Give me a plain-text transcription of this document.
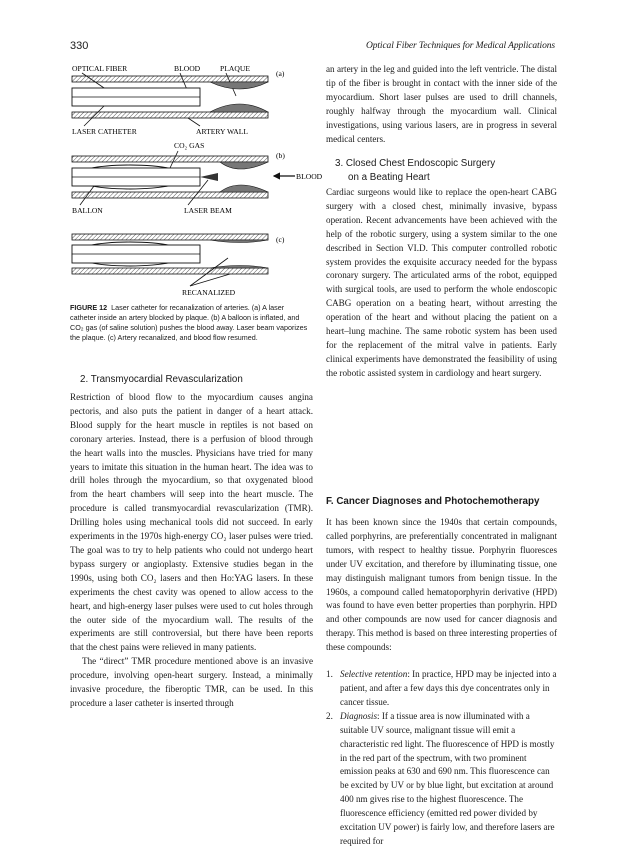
330	Optical Fiber Techniques for Medical Applications
OPTICAL FIBER	BLOOD	PLAQUE
(a)
LASER CATHETER	ARTERY WALL
CO₂ GAS
(b)
BLOOD
BALLON	LASER BEAM
(c)
RECANALIZED
FIGURE 12 Laser catheter for recanalization of arteries. (a) A laser catheter inside an artery blocked by plaque. (b) A balloon is inflated, and CO₂ gas (of saline solution) pushes the blood away. Laser beam vaporizes the plaque. (c) Artery recanalized, and blood flow resumed.
2. Transmyocardial Revascularization

Restriction of blood flow to the myocardium causes angina pectoris, and also puts the patient in danger of a heart attack. Blood supply for the heart muscle in reptiles is not based on coronary arteries. Instead, there is a perfusion of blood through the heart walls into the muscles. Physicians have tried for many years to imitate this situation in the human heart. The idea was to drill holes through the myocardium, so that oxygenated blood from the heart chambers will seep into the heart muscle. The procedure is called transmyocardial revascularization (TMR). Drilling holes using mechanical tools did not succeed. In early experiments in the 1970s high-energy CO₂ laser pulses were tried. The goal was to try to help patients who could not undergo heart bypass surgery or angioplasty. Extensive studies began in the 1990s, using both CO₂ lasers and then Ho:YAG lasers. In these experiments the chest cavity was opened to allow access to the heart, and high-energy laser pulses were used to cut holes through the outer side of the myocardium wall. The results of the experiments are still controversial, but there have been reports that the chest pains were relieved in many patients.

The “direct” TMR procedure mentioned above is an invasive procedure, involving open-heart surgery. Instead, a minimally invasive procedure, the fiberoptic TMR, can be used. In this procedure a laser catheter is inserted through

an artery in the leg and guided into the left ventricle. The distal tip of the fiber is brought in contact with the inner side of the myocardium. Short laser pulses are used to drill channels, roughly halfway through the myocardium wall. Clinical investigations, using various lasers, are in progress in several medical centers.

3. Closed Chest Endoscopic Surgery
on a Beating Heart

Cardiac surgeons would like to replace the open-heart CABG surgery with a closed chest, minimally invasive, bypass operation. Recent advancements have been achieved with the help of the robotic surgery, using a system similar to the one described in Section VI.D. This computer controlled robotic system provides the exquisite accuracy needed for the bypass coronary surgery. The articulated arms of the robot, equipped with surgical tools, are used to perform the whole endoscopic CABG operation on a beating heart, without arresting the operation of the heart and without placing the patient on a heart–lung machine. The same robotic system has been used for the replacement of the mitral valve in patients. Early clinical experiments have demonstrated the feasibility of using the robotic assisted system in cardiology and heart surgery.

F. Cancer Diagnoses and Photochemotherapy

It has been known since the 1940s that certain compounds, called porphyrins, are preferentially concentrated in malignant tumors, with respect to healthy tissue. Porphyrin fluoresces under UV excitation, and therefore by illuminating tissue, one may distinguish malignant tumors from benign tissue. In the 1960s, a compound called hematoporphyrin derivative (HPD) was found to have even better properties than porphyrin. HPD and other compounds are now used for cancer diagnosis and therapy. This method is based on three interesting properties of these compounds:

1. Selective retention: In practice, HPD may be injected into a patient, and after a few days this dye concentrates only in cancer tissue.
2. Diagnosis: If a tissue area is now illuminated with a suitable UV source, malignant tissue will emit a characteristic red light. The fluorescence of HPD is mostly in the red part of the spectrum, with two prominent emission peaks at 630 and 690 nm. This fluorescence can be excited by UV or by blue light, but excitation at around 400 nm gives rise to the highest fluorescence. The fluorescence efficiency (emitted red power divided by excitation UV power) is fairly low, and therefore lasers are required for
